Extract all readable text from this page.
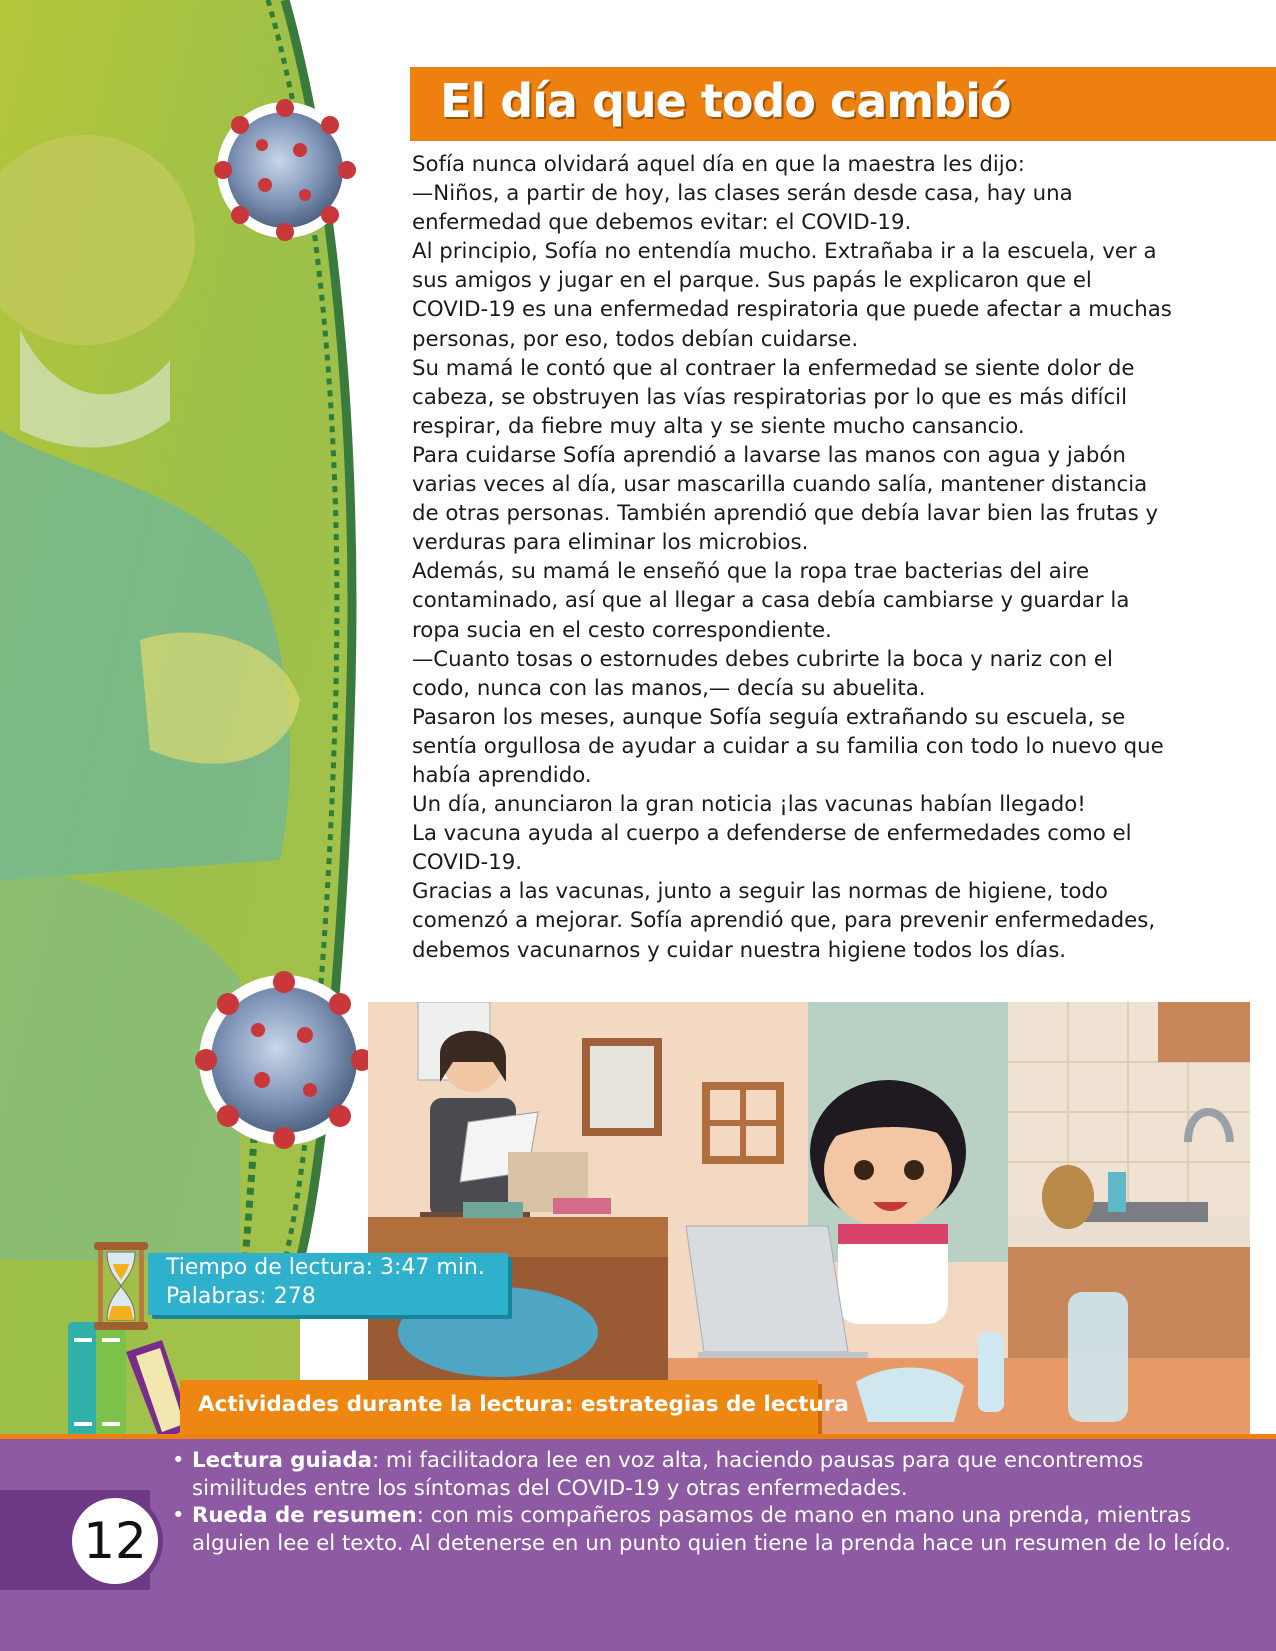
El día que todo cambió

Sofía nunca olvidará aquel día en que la maestra les dijo:

—Niños, a partir de hoy, las clases serán desde casa, hay una enfermedad que debemos evitar: el COVID-19.

Al principio, Sofía no entendía mucho. Extrañaba ir a la escuela, ver a sus amigos y jugar en el parque. Sus papás le explicaron que el COVID-19 es una enfermedad respiratoria que puede afectar a muchas personas, por eso, todos debían cuidarse.

Su mamá le contó que al contraer la enfermedad se siente dolor de cabeza, se obstruyen las vías respiratorias por lo que es más difícil respirar, da fiebre muy alta y se siente mucho cansancio.

Para cuidarse Sofía aprendió a lavarse las manos con agua y jabón varias veces al día, usar mascarilla cuando salía, mantener distancia de otras personas. También aprendió que debía lavar bien las frutas y verduras para eliminar los microbios.

Además, su mamá le enseñó que la ropa trae bacterias del aire contaminado, así que al llegar a casa debía cambiarse y guardar la ropa sucia en el cesto correspondiente.

—Cuanto tosas o estornudes debes cubrirte la boca y nariz con el codo, nunca con las manos,— decía su abuelita.

Pasaron los meses, aunque Sofía seguía extrañando su escuela, se sentía orgullosa de ayudar a cuidar a su familia con todo lo nuevo que había aprendido.

Un día, anunciaron la gran noticia ¡las vacunas habían llegado!

La vacuna ayuda al cuerpo a defenderse de enfermedades como el COVID-19.

Gracias a las vacunas, junto a seguir las normas de higiene, todo comenzó a mejorar. Sofía aprendió que, para prevenir enfermedades, debemos vacunarnos y cuidar nuestra higiene todos los días.

Tiempo de lectura: 3:47 min.
Palabras: 278
Actividades durante la lectura: estrategias de lectura
12
• Lectura guiada: mi facilitadora lee en voz alta, haciendo pausas para que encontremos similitudes entre los síntomas del COVID-19 y otras enfermedades.
• Rueda de resumen: con mis compañeros pasamos de mano en mano una prenda, mientras alguien lee el texto. Al detenerse en un punto quien tiene la prenda hace un resumen de lo leído.
